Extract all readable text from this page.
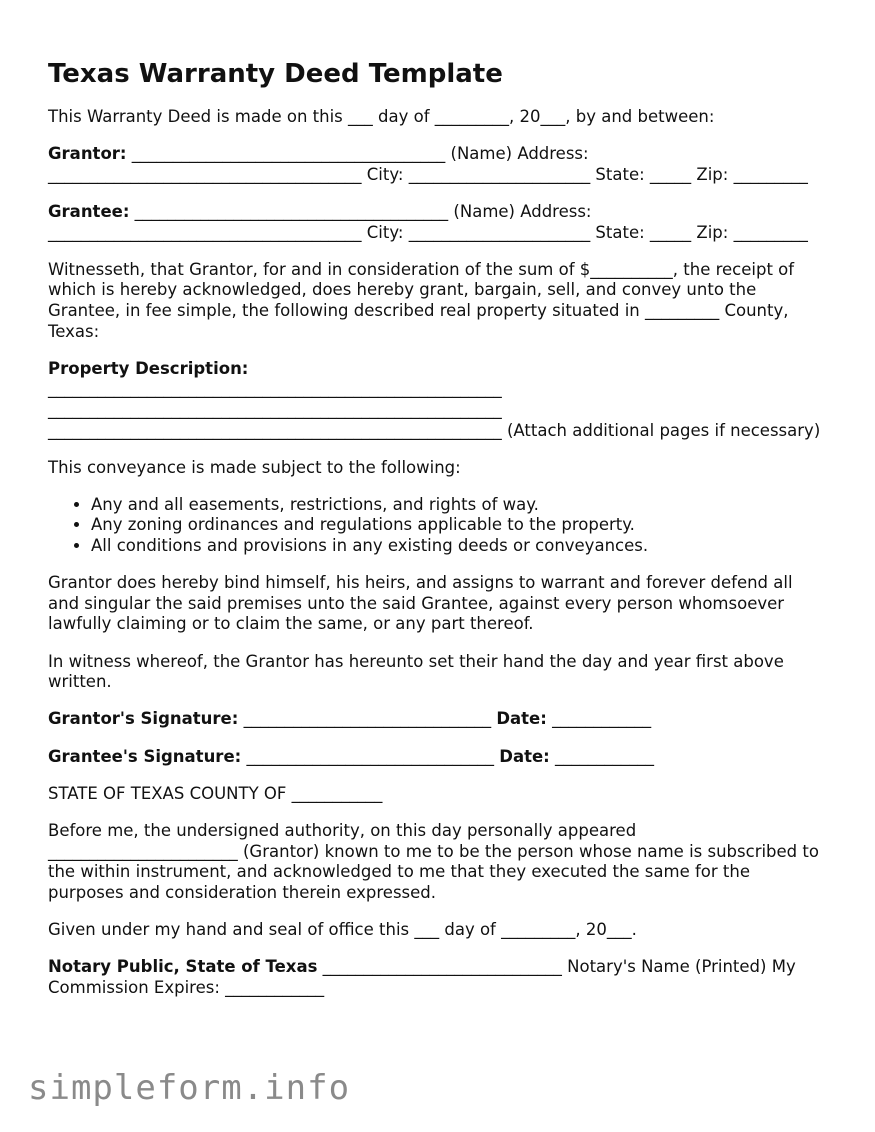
Texas Warranty Deed Template

This Warranty Deed is made on this ___ day of _________, 20___, by and between:

Grantor: ______________________________________ (Name) Address: ______________________________________ City: ______________________ State: _____ Zip: _________

Grantee: ______________________________________ (Name) Address: ______________________________________ City: ______________________ State: _____ Zip: _________

Witnesseth, that Grantor, for and in consideration of the sum of $__________, the receipt of which is hereby acknowledged, does hereby grant, bargain, sell, and convey unto the Grantee, in fee simple, the following described real property situated in _________ County, Texas:

Property Description:
_______________________________________________________
_______________________________________________________
_______________________________________________________ (Attach additional pages if necessary)

This conveyance is made subject to the following:

• Any and all easements, restrictions, and rights of way.
• Any zoning ordinances and regulations applicable to the property.
• All conditions and provisions in any existing deeds or conveyances.

Grantor does hereby bind himself, his heirs, and assigns to warrant and forever defend all and singular the said premises unto the said Grantee, against every person whomsoever lawfully claiming or to claim the same, or any part thereof.

In witness whereof, the Grantor has hereunto set their hand the day and year first above written.

Grantor's Signature: ______________________________ Date: ____________

Grantee's Signature: ______________________________ Date: ____________

STATE OF TEXAS COUNTY OF ___________

Before me, the undersigned authority, on this day personally appeared _______________________ (Grantor) known to me to be the person whose name is subscribed to the within instrument, and acknowledged to me that they executed the same for the purposes and consideration therein expressed.

Given under my hand and seal of office this ___ day of _________, 20___.

Notary Public, State of Texas _____________________________ Notary's Name (Printed) My Commission Expires: ____________

simpleform.info
